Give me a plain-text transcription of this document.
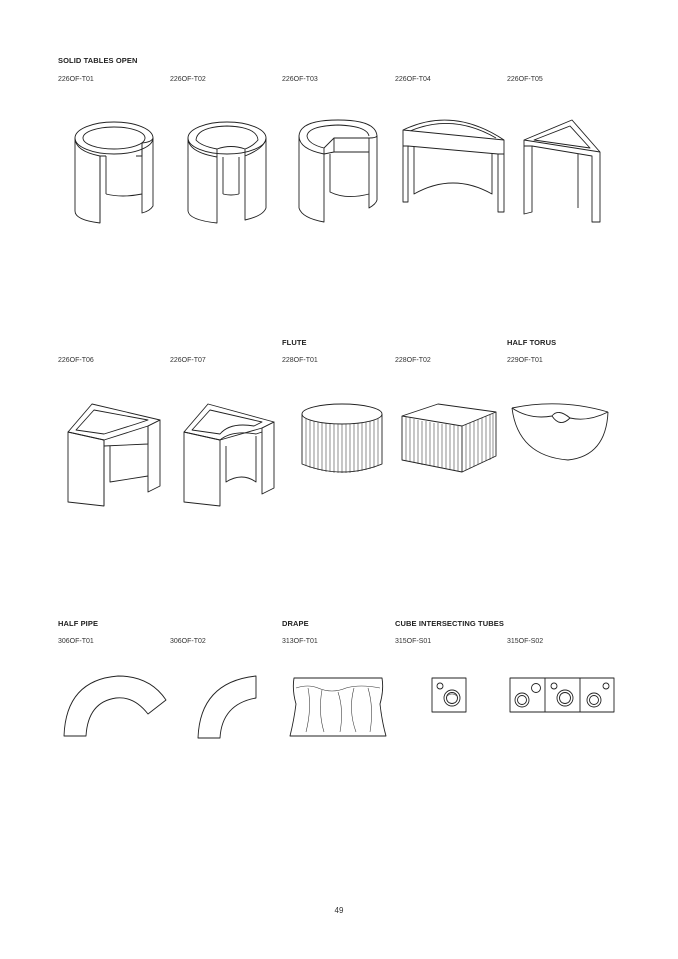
SOLID TABLES OPEN
226OF-T01	226OF-T02	226OF-T03	226OF-T04	226OF-T05
FLUTE	HALF TORUS
226OF-T06	226OF-T07	228OF-T01	228OF-T02	229OF-T01
HALF PIPE	DRAPE	CUBE INTERSECTING TUBES
306OF-T01	306OF-T02	313OF-T01	315OF-S01	315OF-S02
49
